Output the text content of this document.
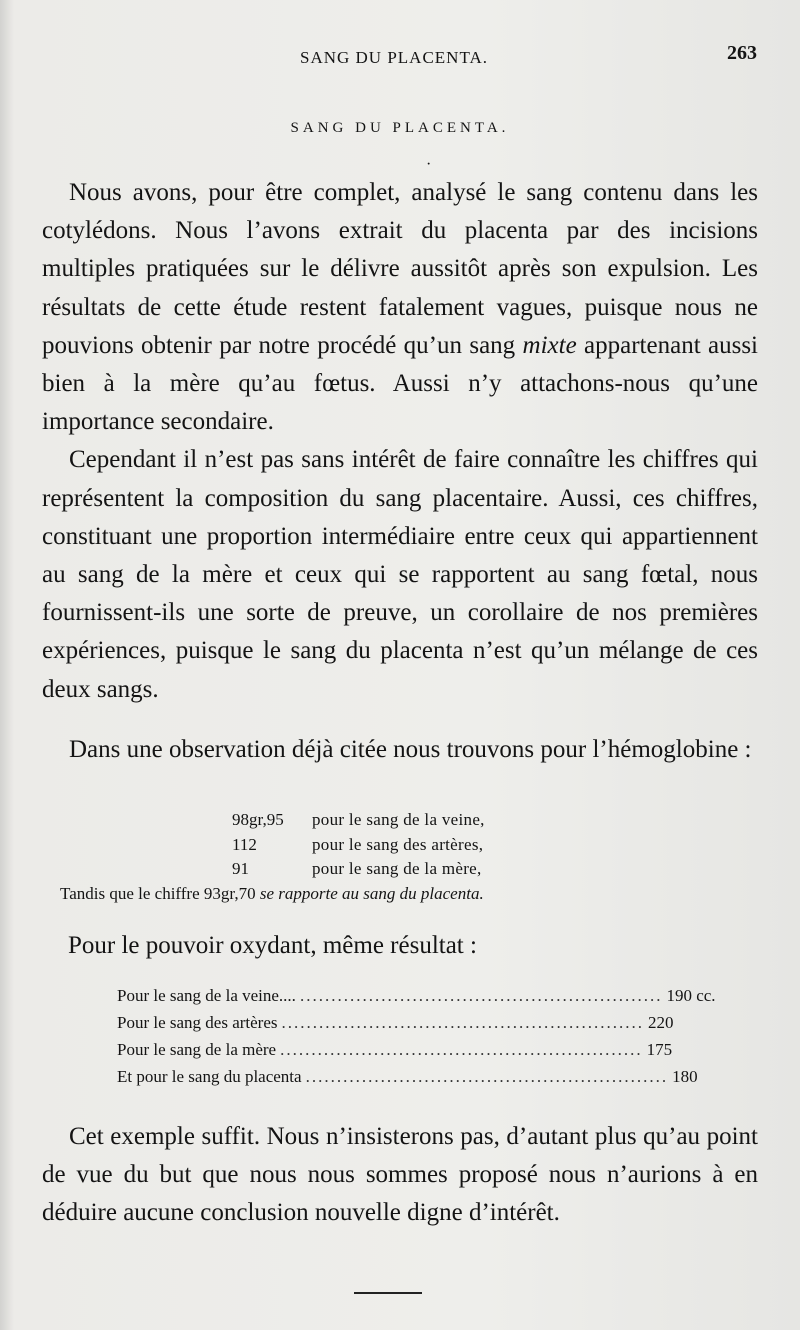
SANG DU PLACENTA.	263
SANG DU PLACENTA.
·

Nous avons, pour être complet, analysé le sang contenu dans les cotylédons. Nous l’avons extrait du placenta par des incisions multiples pratiquées sur le délivre aussitôt après son expulsion. Les résultats de cette étude restent fatalement vagues, puisque nous ne pouvions obtenir par notre procédé qu’un sang mixte appartenant aussi bien à la mère qu’au fœtus. Aussi n’y attachons-nous qu’une importance secondaire.

Cependant il n’est pas sans intérêt de faire connaître les chiffres qui représentent la composition du sang placentaire. Aussi, ces chiffres, constituant une proportion intermédiaire entre ceux qui appartiennent au sang de la mère et ceux qui se rapportent au sang fœtal, nous fournissent-ils une sorte de preuve, un corollaire de nos premières expériences, puisque le sang du placenta n’est qu’un mélange de ces deux sangs.

Dans une observation déjà citée nous trouvons pour l’hémoglobine :

98gr,95	pour le sang de la veine,
112	pour le sang des artères,
91	pour le sang de la mère,
Tandis que le chiffre 93gr,70 se rapporte au sang du placenta.
Pour le pouvoir oxydant, même résultat :
Pour le sang de la veine.... .......................................................... 190 cc.
Pour le sang des artères .......................................................... 220
Pour le sang de la mère .......................................................... 175
Et pour le sang du placenta .......................................................... 180

Cet exemple suffit. Nous n’insisterons pas, d’autant plus qu’au point de vue du but que nous nous sommes proposé nous n’aurions à en déduire aucune conclusion nouvelle digne d’intérêt.
